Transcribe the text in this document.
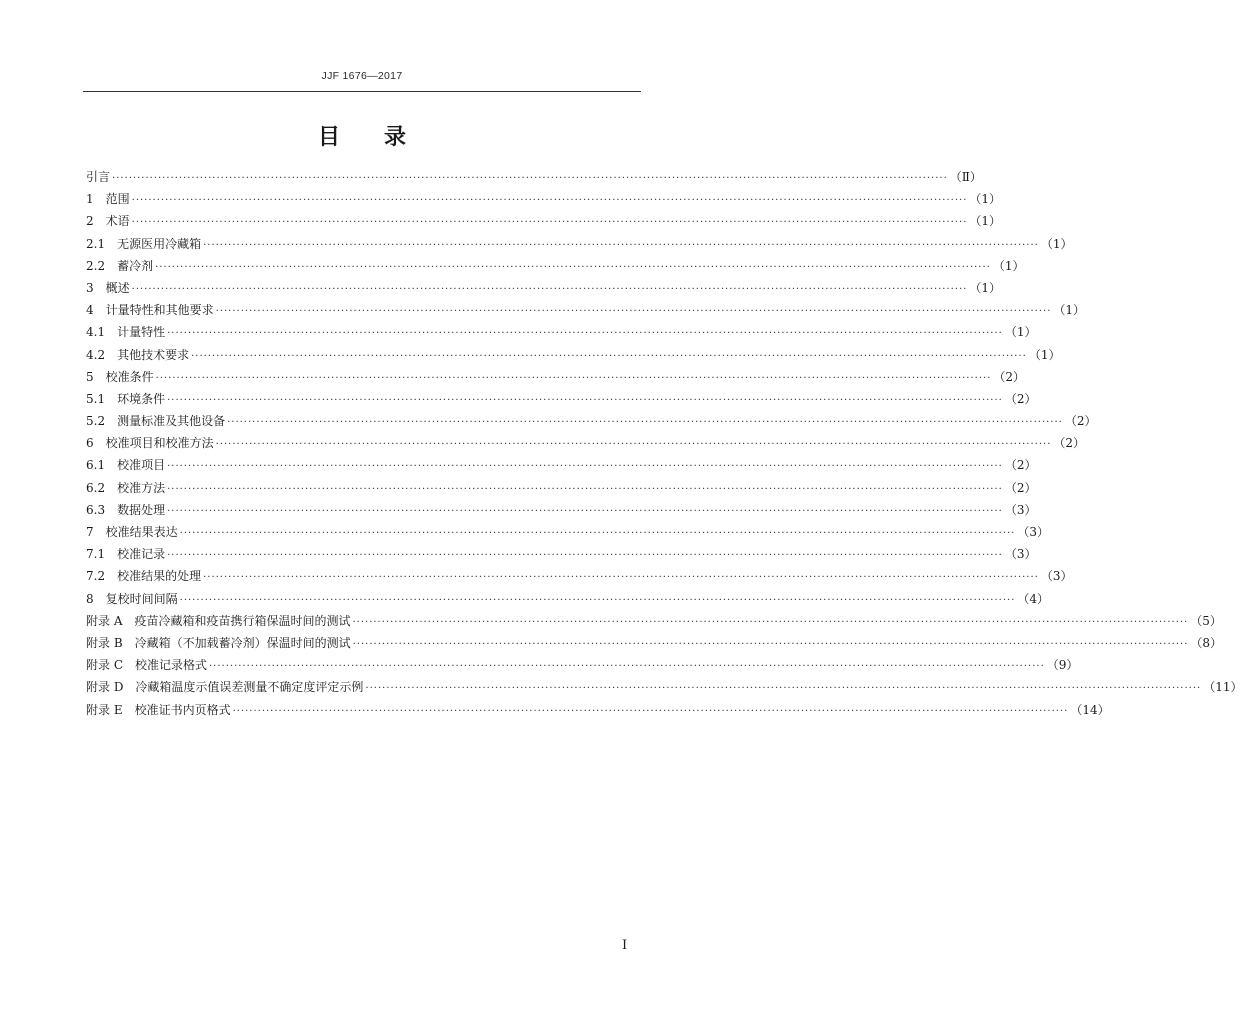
JJF 1676—2017
目　　录
引言 ········································································································································································································ （Ⅱ）
1　范围 ········································································································································································································ （1）
2　术语 ········································································································································································································ （1）
2.1　无源医用冷藏箱 ········································································································································································································ （1）
2.2　蓄冷剂 ········································································································································································································ （1）
3　概述 ········································································································································································································ （1）
4　计量特性和其他要求 ········································································································································································································ （1）
4.1　计量特性 ········································································································································································································ （1）
4.2　其他技术要求 ········································································································································································································ （1）
5　校准条件 ········································································································································································································ （2）
5.1　环境条件 ········································································································································································································ （2）
5.2　测量标准及其他设备 ········································································································································································································ （2）
6　校准项目和校准方法 ········································································································································································································ （2）
6.1　校准项目 ········································································································································································································ （2）
6.2　校准方法 ········································································································································································································ （2）
6.3　数据处理 ········································································································································································································ （3）
7　校准结果表达 ········································································································································································································ （3）
7.1　校准记录 ········································································································································································································ （3）
7.2　校准结果的处理 ········································································································································································································ （3）
8　复校时间间隔 ········································································································································································································ （4）
附录 A　疫苗冷藏箱和疫苗携行箱保温时间的测试 ········································································································································································································ （5）
附录 B　冷藏箱（不加载蓄冷剂）保温时间的测试 ········································································································································································································ （8）
附录 C　校准记录格式 ········································································································································································································ （9）
附录 D　冷藏箱温度示值误差测量不确定度评定示例 ········································································································································································································ （11）
附录 E　校准证书内页格式 ········································································································································································································ （14）
Ⅰ
